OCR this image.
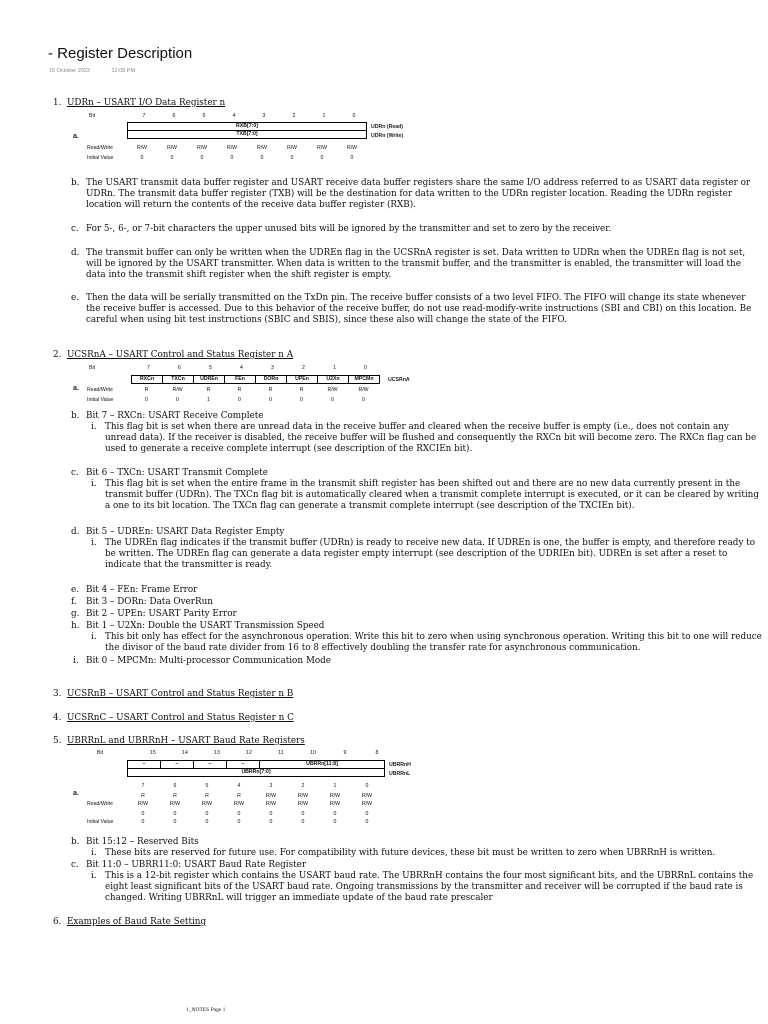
- Register Description
15 October 2023	12:08 PM
1. UDRn – USART I/O Data Register n
a.
Bit	7	6	5	4	3	2	1	0	
RXB[7:0]
TXB[7:0]
UDRn (Read)
UDRn (Write)
Read/Write	R/W	R/W	R/W	R/W	R/W	R/W	R/W	R/W
Initial Value	0	0	0	0	0	0	0	0
b. The USART transmit data buffer register and USART receive data buffer registers share the same I/O address referred to as USART data register or UDRn. The transmit data buffer register (TXB) will be the destination for data written to the UDRn register location. Reading the UDRn register location will return the contents of the receive data buffer register (RXB).
c. For 5-, 6-, or 7-bit characters the upper unused bits will be ignored by the transmitter and set to zero by the receiver.
d. The transmit buffer can only be written when the UDREn flag in the UCSRnA register is set. Data written to UDRn when the UDREn flag is not set, will be ignored by the USART transmitter. When data is written to the transmit buffer, and the transmitter is enabled, the transmitter will load the data into the transmit shift register when the shift register is empty.
e. Then the data will be serially transmitted on the TxDn pin. The receive buffer consists of a two level FIFO. The FIFO will change its state whenever the receive buffer is accessed. Due to this behavior of the receive buffer, do not use read-modify-write instructions (SBI and CBI) on this location. Be careful when using bit test instructions (SBIC and SBIS), since these also will change the state of the FIFO.
2. UCSRnA – USART Control and Status Register n A
a.
Bit	7	6	5	4	3	2	1	0
RXCn	TXCn	UDREn	FEn	DORn	UPEn	U2Xn	MPCMn	UCSRnA
Read/Write	R	R/W	R	R	R	R	R/W	R/W
Initial Value	0	0	1	0	0	0	0	0
b. Bit 7 – RXCn: USART Receive Complete
i. This flag bit is set when there are unread data in the receive buffer and cleared when the receive buffer is empty (i.e., does not contain any unread data). If the receiver is disabled, the receive buffer will be flushed and consequently the RXCn bit will become zero. The RXCn flag can be used to generate a receive complete interrupt (see description of the RXCIEn bit).
c. Bit 6 – TXCn: USART Transmit Complete
i. This flag bit is set when the entire frame in the transmit shift register has been shifted out and there are no new data currently present in the transmit buffer (UDRn). The TXCn flag bit is automatically cleared when a transmit complete interrupt is executed, or it can be cleared by writing a one to its bit location. The TXCn flag can generate a transmit complete interrupt (see description of the TXCIEn bit).
d. Bit 5 – UDREn: USART Data Register Empty
i. The UDREn flag indicates if the transmit buffer (UDRn) is ready to receive new data. If UDREn is one, the buffer is empty, and therefore ready to be written. The UDREn flag can generate a data register empty interrupt (see description of the UDRIEn bit). UDREn is set after a reset to indicate that the transmitter is ready.
e. Bit 4 – FEn: Frame Error
f. Bit 3 – DORn: Data OverRun
g. Bit 2 – UPEn: USART Parity Error
h. Bit 1 – U2Xn: Double the USART Transmission Speed
i. This bit only has effect for the asynchronous operation. Write this bit to zero when using synchronous operation. Writing this bit to one will reduce the divisor of the baud rate divider from 16 to 8 effectively doubling the transfer rate for asynchronous communication.
i. Bit 0 – MPCMn: Multi-processor Communication Mode
3. UCSRnB – USART Control and Status Register n B
4. UCSRnC – USART Control and Status Register n C
5. UBRRnL and UBRRnH – USART Baud Rate Registers
a.
Bit	15	14	13	12	11	10	9	8
–	–	–	–	UBRRn[11:8]
UBRRn[7:0]
UBRRnH
UBRRnL
	7	6	5	4	3	2	1	0
	R	R	R	R	R/W	R/W	R/W	R/W
Read/Write	R/W	R/W	R/W	R/W	R/W	R/W	R/W	R/W
	0	0	0	0	0	0	0	0
Initial Value	0	0	0	0	0	0	0	0
b. Bit 15:12 – Reserved Bits
i. These bits are reserved for future use. For compatibility with future devices, these bit must be written to zero when UBRRnH is written.
c. Bit 11:0 – UBRR11:0: USART Baud Rate Register
i. This is a 12-bit register which contains the USART baud rate. The UBRRnH contains the four most significant bits, and the UBRRnL contains the eight least significant bits of the USART baud rate. Ongoing transmissions by the transmitter and receiver will be corrupted if the baud rate is changed. Writing UBRRnL will trigger an immediate update of the baud rate prescaler
6. Examples of Baud Rate Setting
1_NOTES Page 1
